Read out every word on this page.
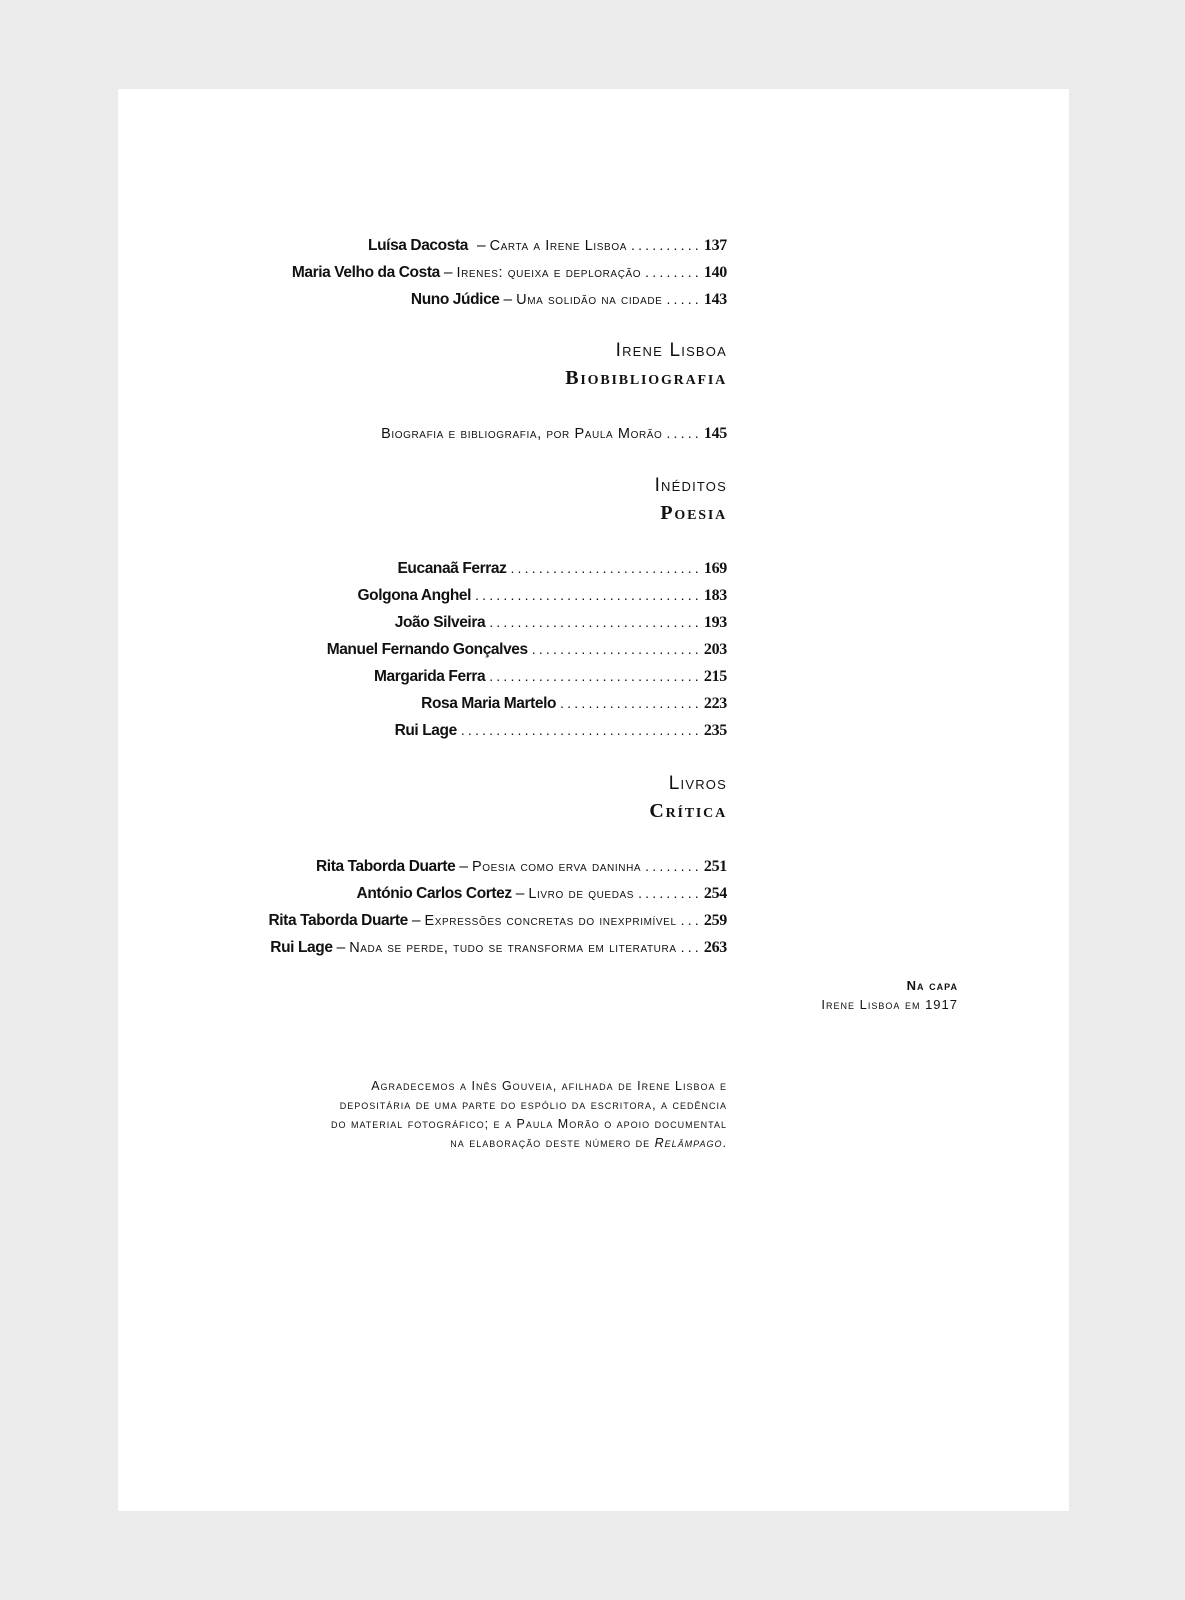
Luísa Dacosta – Carta a Irene Lisboa .......... 137
Maria Velho da Costa – Irenes: queixa e deploração ........ 140
Nuno Júdice – Uma solidão na cidade ..... 143
Irene Lisboa
Biobibliografia
Biografia e bibliografia, por Paula Morão ..... 145
Inéditos
Poesia
Eucanaã Ferraz ........................... 169
Golgona Anghel ................................ 183
João Silveira .............................. 193
Manuel Fernando Gonçalves ........................ 203
Margarida Ferra .............................. 215
Rosa Maria Martelo .................... 223
Rui Lage .................................. 235
Livros
Crítica
Rita Taborda Duarte – Poesia como erva daninha ........ 251
António Carlos Cortez – Livro de quedas ......... 254
Rita Taborda Duarte – Expressões concretas do inexprimível ... 259
Rui Lage – Nada se perde, tudo se transforma em literatura ... 263
Na capa
Irene Lisboa em 1917
Agradecemos a Inês Gouveia, afilhada de Irene Lisboa e
depositária de uma parte do espólio da escritora, a cedência
do material fotográfico; e a Paula Morão o apoio documental
na elaboração deste número de Relâmpago.
